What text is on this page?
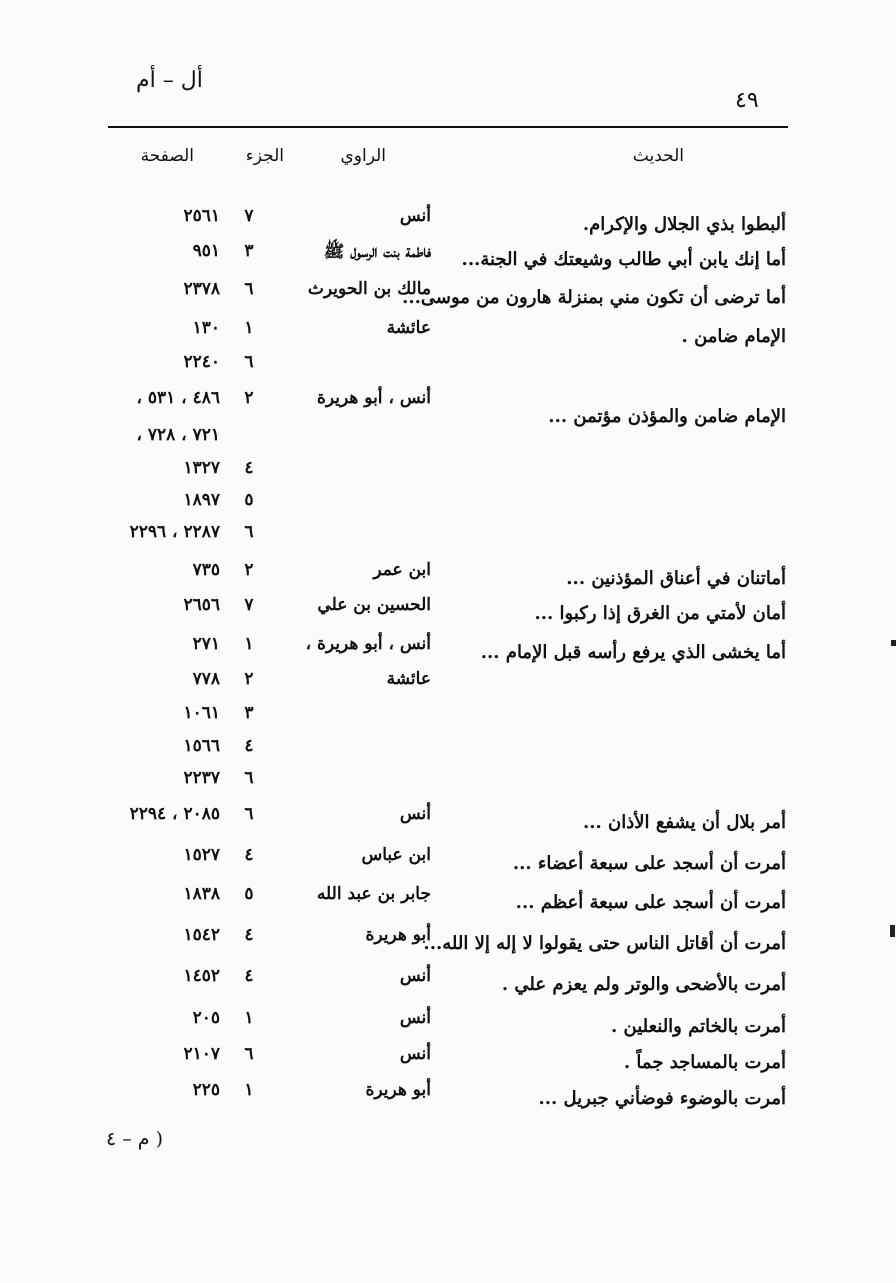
أل – أم
٤٩
الحديث
الراوي
الجزء
الصفحة
ألبطوا بذي الجلال والإكرام.
أنس
٧
٢٥٦١
أما إنك يابن أبي طالب وشيعتك في الجنة...
فاطمة بنت الرسول ﷺ
٣
٩٥١
أما ترضى أن تكون مني بمنزلة هارون من موسى...
مالك بن الحويرث
٦
٢٣٧٨
الإمام ضامن .
عائشة
١
١٣٠
٦
٢٢٤٠
أنس ، أبو هريرة
٢
٤٨٦ ، ٥٣١ ،
الإمام ضامن والمؤذن مؤتمن ...
٧٢١ ، ٧٢٨ ،
٤
١٣٢٧
٥
١٨٩٧
٦
٢٢٨٧ ، ٢٢٩٦
أماتنان في أعناق المؤذنين ...
ابن عمر
٢
٧٣٥
أمان لأمتي من الغرق إذا ركبوا ...
الحسين بن علي
٧
٢٦٥٦
أما يخشى الذي يرفع رأسه قبل الإمام ...
أنس ، أبو هريرة ،
١
٢٧١
عائشة
٢
٧٧٨
٣
١٠٦١
٤
١٥٦٦
٦
٢٢٣٧
أمر بلال أن يشفع الأذان ...
أنس
٦
٢٠٨٥ ، ٢٢٩٤
أمرت أن أسجد على سبعة أعضاء ...
ابن عباس
٤
١٥٢٧
أمرت أن أسجد على سبعة أعظم ...
جابر بن عبد الله
٥
١٨٣٨
أمرت أن أقاتل الناس حتى يقولوا لا إله إلا الله...
أبو هريرة
٤
١٥٤٢
أمرت بالأضحى والوتر ولم يعزم علي .
أنس
٤
١٤٥٢
أمرت بالخاتم والنعلين .
أنس
١
٢٠٥
أمرت بالمساجد جماً .
أنس
٦
٢١٠٧
أمرت بالوضوء فوضأني جبريل ...
أبو هريرة
١
٢٢٥
( م – ٤
